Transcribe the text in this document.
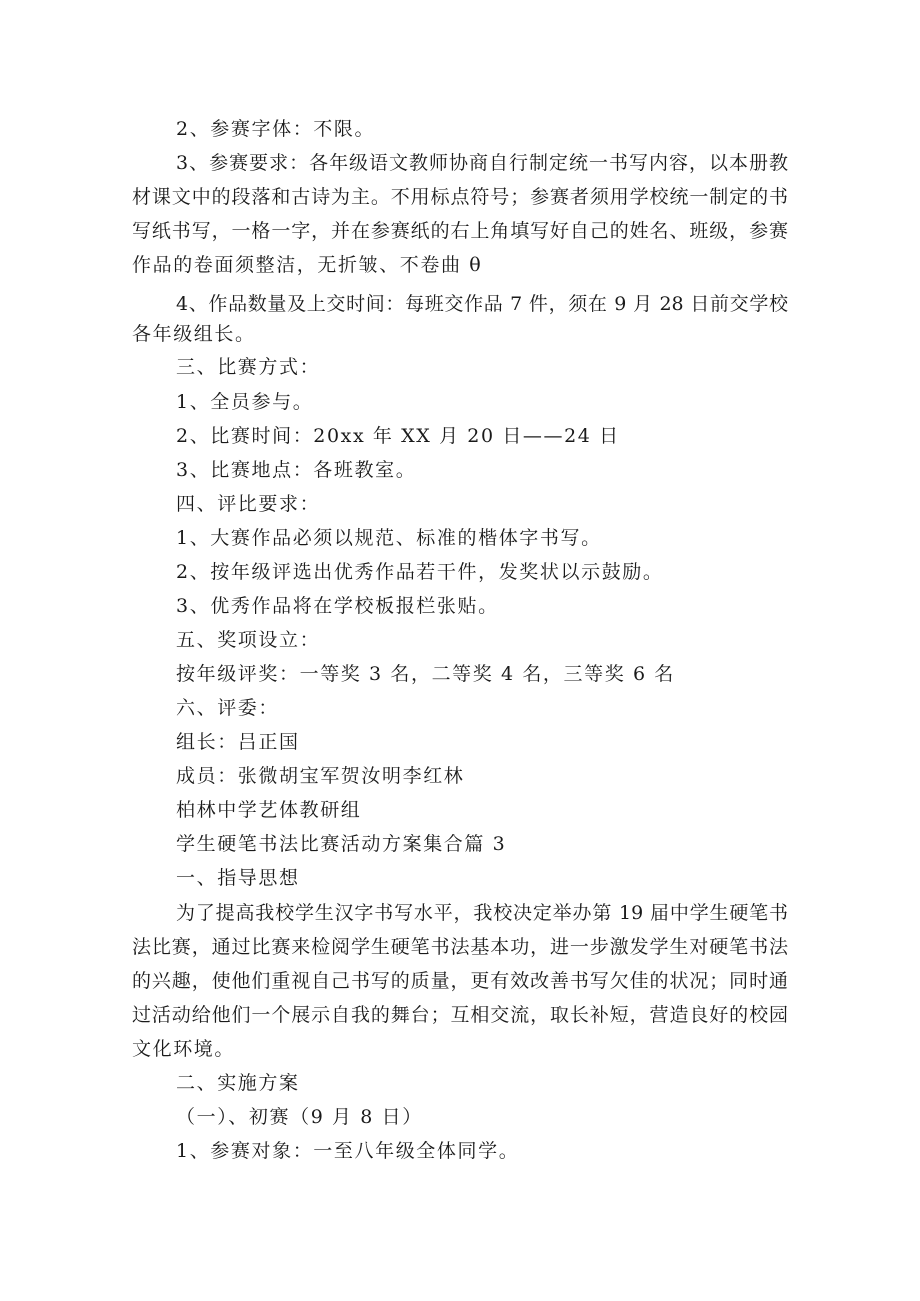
2、参赛字体：不限。
3、参赛要求：各年级语文教师协商自行制定统一书写内容，以本册教
材课文中的段落和古诗为主。不用标点符号；参赛者须用学校统一制定的书
写纸书写，一格一字，并在参赛纸的右上角填写好自己的姓名、班级，参赛
作品的卷面须整洁，无折皱、不卷曲 θ
4、作品数量及上交时间：每班交作品 7 件，须在 9 月 28 日前交学校
各年级组长。
三、比赛方式：
1、全员参与。
2、比赛时间：20xx 年 XX 月 20 日——24 日
3、比赛地点：各班教室。
四、评比要求：
1、大赛作品必须以规范、标准的楷体字书写。
2、按年级评选出优秀作品若干件，发奖状以示鼓励。
3、优秀作品将在学校板报栏张贴。
五、奖项设立：
按年级评奖：一等奖 3 名，二等奖 4 名，三等奖 6 名
六、评委：
组长：吕正国
成员：张微胡宝军贺汝明李红林
柏林中学艺体教研组
学生硬笔书法比赛活动方案集合篇 3
一、指导思想
为了提高我校学生汉字书写水平，我校决定举办第 19 届中学生硬笔书
法比赛，通过比赛来检阅学生硬笔书法基本功，进一步激发学生对硬笔书法
的兴趣，使他们重视自己书写的质量，更有效改善书写欠佳的状况；同时通
过活动给他们一个展示自我的舞台；互相交流，取长补短，营造良好的校园
文化环境。
二、实施方案
（一）、初赛（9 月 8 日）
1、参赛对象：一至八年级全体同学。
